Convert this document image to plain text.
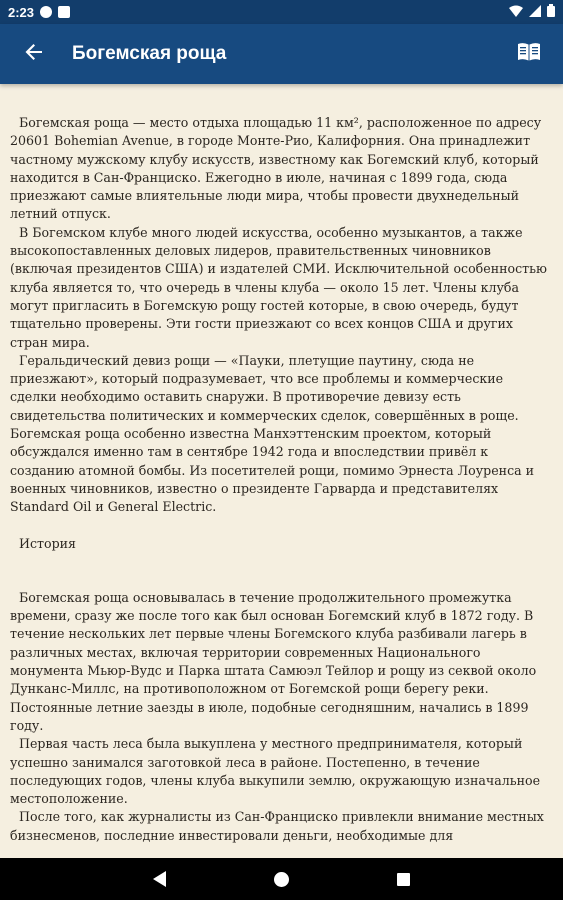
2:23
Богемская роща

Богемская роща — место отдыха площадью 11 км², расположенное по адресу 20601 Bohemian Avenue, в городе Монте-Рио, Калифорния. Она принадлежит частному мужскому клубу искусств, известному как Богемский клуб, который находится в Сан-Франциско. Ежегодно в июле, начиная с 1899 года, сюда приезжают самые влиятельные люди мира, чтобы провести двухнедельный летний отпуск.

В Богемском клубе много людей искусства, особенно музыкантов, а также высокопоставленных деловых лидеров, правительственных чиновников (включая президентов США) и издателей СМИ. Исключительной особенностью клуба является то, что очередь в члены клуба — около 15 лет. Члены клуба могут пригласить в Богемскую рощу гостей которые, в свою очередь, будут тщательно проверены. Эти гости приезжают со всех концов США и других стран мира.

Геральдический девиз рощи — «Пауки, плетущие паутину, сюда не приезжают», который подразумевает, что все проблемы и коммерческие сделки необходимо оставить снаружи. В противоречие девизу есть свидетельства политических и коммерческих сделок, совершённых в роще. Богемская роща особенно известна Манхэттенским проектом, который обсуждался именно там в сентябре 1942 года и впоследствии привёл к созданию атомной бомбы. Из посетителей рощи, помимо Эрнеста Лоуренса и военных чиновников, известно о президенте Гарварда и представителях Standard Oil и General Electric.

История

Богемская роща основывалась в течение продолжительного промежутка времени, сразу же после того как был основан Богемский клуб в 1872 году. В течение нескольких лет первые члены Богемского клуба разбивали лагерь в различных местах, включая территории современных Национального монумента Мьюр-Вудс и Парка штата Самюэл Тейлор и рощу из секвой около Дунканс-Миллс, на противоположном от Богемской рощи берегу реки. Постоянные летние заезды в июле, подобные сегодняшним, начались в 1899 году.

Первая часть леса была выкуплена у местного предпринимателя, который успешно занимался заготовкой леса в районе. Постепенно, в течение последующих годов, члены клуба выкупили землю, окружающую изначальное местоположение.

После того, как журналисты из Сан-Франциско привлекли внимание местных бизнесменов, последние инвестировали деньги, необходимые для
